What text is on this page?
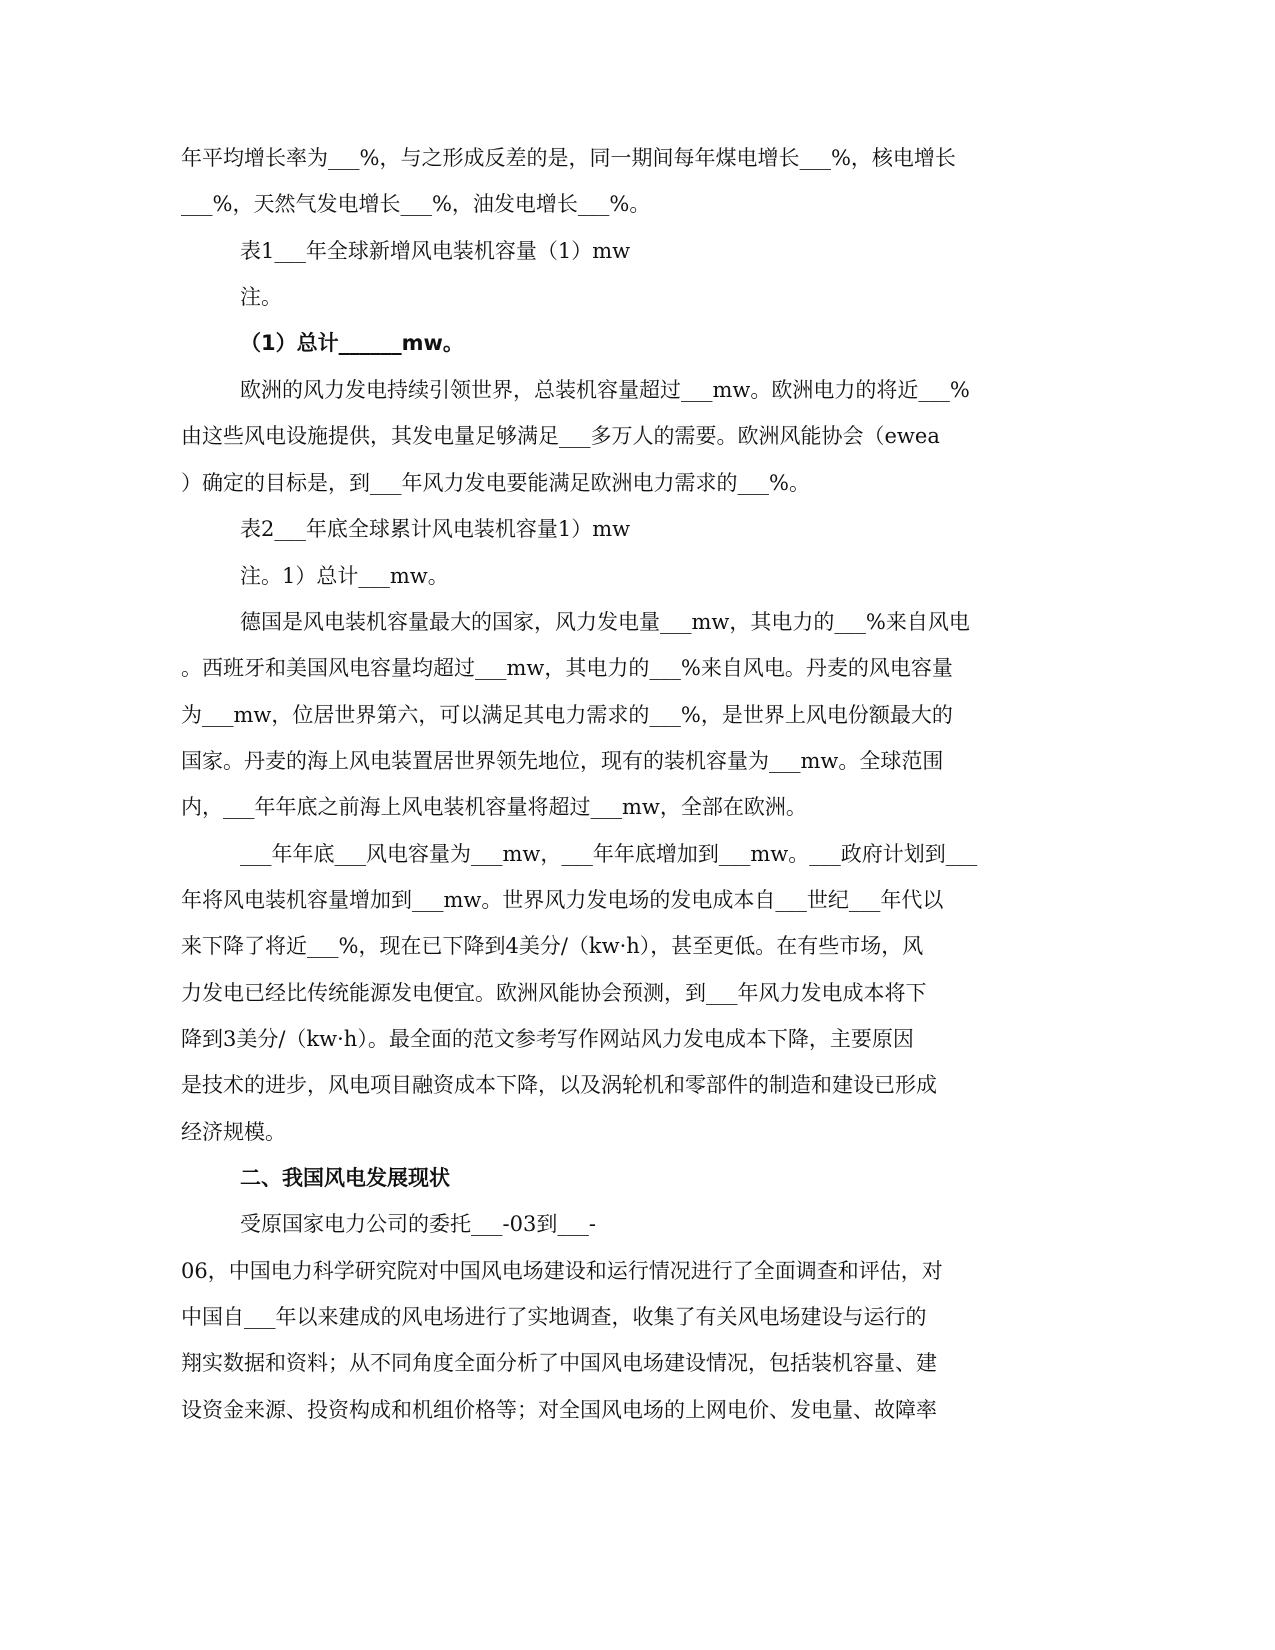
年平均增长率为___%，与之形成反差的是，同一期间每年煤电增长___%，核电增长
___%，天然气发电增长___%，油发电增长___%。
表1___年全球新增风电装机容量（1）mw
注。
（1）总计______mw。
欧洲的风力发电持续引领世界，总装机容量超过___mw。欧洲电力的将近___%
由这些风电设施提供，其发电量足够满足___多万人的需要。欧洲风能协会（ewea
）确定的目标是，到___年风力发电要能满足欧洲电力需求的___%。
表2___年底全球累计风电装机容量1）mw
注。1）总计___mw。
德国是风电装机容量最大的国家，风力发电量___mw，其电力的___%来自风电
。西班牙和美国风电容量均超过___mw，其电力的___%来自风电。丹麦的风电容量
为___mw，位居世界第六，可以满足其电力需求的___%，是世界上风电份额最大的
国家。丹麦的海上风电装置居世界领先地位，现有的装机容量为___mw。全球范围
内，___年年底之前海上风电装机容量将超过___mw，全部在欧洲。
___年年底___风电容量为___mw，___年年底增加到___mw。___政府计划到___
年将风电装机容量增加到___mw。世界风力发电场的发电成本自___世纪___年代以
来下降了将近___%，现在已下降到4美分/（kw·h），甚至更低。在有些市场，风
力发电已经比传统能源发电便宜。欧洲风能协会预测，到___年风力发电成本将下
降到3美分/（kw·h）。最全面的范文参考写作网站风力发电成本下降，主要原因
是技术的进步，风电项目融资成本下降，以及涡轮机和零部件的制造和建设已形成
经济规模。
二、我国风电发展现状
受原国家电力公司的委托___-03到___-
06，中国电力科学研究院对中国风电场建设和运行情况进行了全面调查和评估，对
中国自___年以来建成的风电场进行了实地调查，收集了有关风电场建设与运行的
翔实数据和资料；从不同角度全面分析了中国风电场建设情况，包括装机容量、建
设资金来源、投资构成和机组价格等；对全国风电场的上网电价、发电量、故障率
